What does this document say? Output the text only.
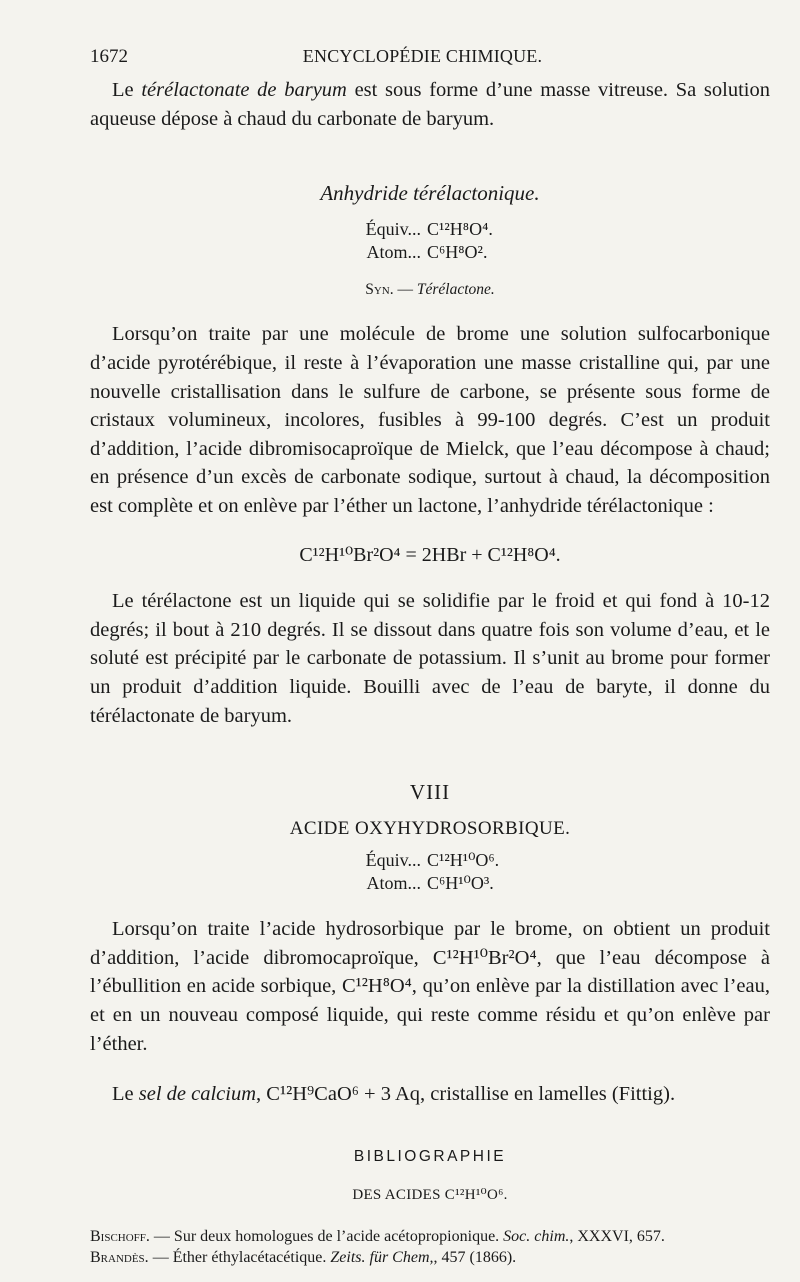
1672	ENCYCLOPÉDIE CHIMIQUE.

Le térélactonate de baryum est sous forme d’une masse vitreuse. Sa solution aqueuse dépose à chaud du carbonate de baryum.

Anhydride térélactonique.

Équiv... C¹²H⁸O⁴.
Atom... C⁶H⁸O².

Syn. — Térélactone.

Lorsqu’on traite par une molécule de brome une solution sulfocarbonique d’acide pyrotérébique, il reste à l’évaporation une masse cristalline qui, par une nouvelle cristallisation dans le sulfure de carbone, se présente sous forme de cristaux volumineux, incolores, fusibles à 99-100 degrés. C’est un produit d’addition, l’acide dibromisocaproïque de Mielck, que l’eau décompose à chaud; en présence d’un excès de carbonate sodique, surtout à chaud, la décomposition est complète et on enlève par l’éther un lactone, l’anhydride térélactonique :

C¹²H¹⁰Br²O⁴ = 2HBr + C¹²H⁸O⁴.

Le térélactone est un liquide qui se solidifie par le froid et qui fond à 10-12 degrés; il bout à 210 degrés. Il se dissout dans quatre fois son volume d’eau, et le soluté est précipité par le carbonate de potassium. Il s’unit au brome pour former un produit d’addition liquide. Bouilli avec de l’eau de baryte, il donne du térélactonate de baryum.

VIII

ACIDE OXYHYDROSORBIQUE.

Équiv... C¹²H¹⁰O⁶.
Atom... C⁶H¹⁰O³.

Lorsqu’on traite l’acide hydrosorbique par le brome, on obtient un produit d’addition, l’acide dibromocaproïque, C¹²H¹⁰Br²O⁴, que l’eau décompose à l’ébullition en acide sorbique, C¹²H⁸O⁴, qu’on enlève par la distillation avec l’eau, et en un nouveau composé liquide, qui reste comme résidu et qu’on enlève par l’éther.

Le sel de calcium, C¹²H⁹CaO⁶ + 3 Aq, cristallise en lamelles (Fittig).

BIBLIOGRAPHIE

DES ACIDES C¹²H¹⁰O⁶.

Bischoff. — Sur deux homologues de l’acide acétopropionique. Soc. chim., XXXVI, 657.

Brandès. — Éther éthylacétacétique. Zeits. für Chem,, 457 (1866).
